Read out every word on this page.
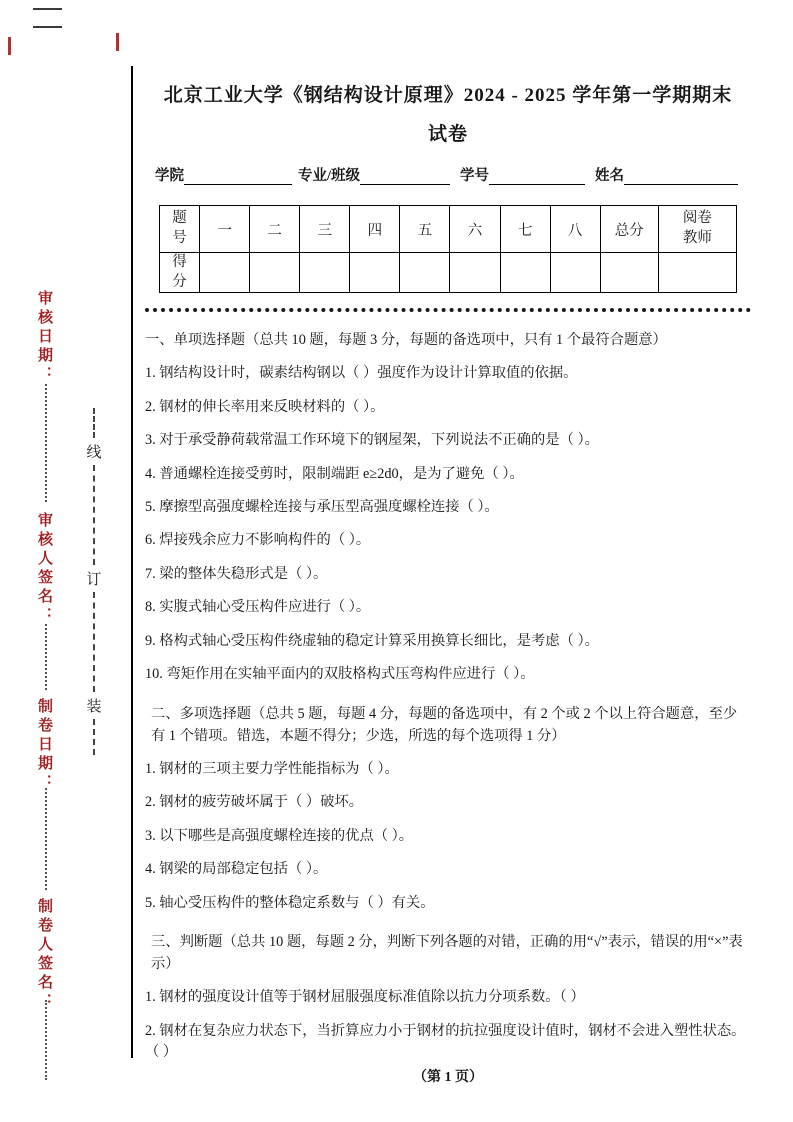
审核日期：
审核人签名：
制卷日期：
制卷人签名：
线
订
装
北京工业大学《钢结构设计原理》2024 - 2025 学年第一学期期末
试卷
学院	专业/班级	学号	姓名
题号	一	二	三	四	五	六	七	八	总分	阅卷教师
得分										
一、单项选择题（总共 10 题，每题 3 分，每题的备选项中，只有 1 个最符合题意）
1. 钢结构设计时，碳素结构钢以（ ）强度作为设计计算取值的依据。
2. 钢材的伸长率用来反映材料的（ ）。
3. 对于承受静荷载常温工作环境下的钢屋架，下列说法不正确的是（ ）。
4. 普通螺栓连接受剪时，限制端距 e≥2d0，是为了避免（ ）。
5. 摩擦型高强度螺栓连接与承压型高强度螺栓连接（ ）。
6. 焊接残余应力不影响构件的（ ）。
7. 梁的整体失稳形式是（ ）。
8. 实腹式轴心受压构件应进行（ ）。
9. 格构式轴心受压构件绕虚轴的稳定计算采用换算长细比，是考虑（ ）。
10. 弯矩作用在实轴平面内的双肢格构式压弯构件应进行（ ）。
二、多项选择题（总共 5 题，每题 4 分，每题的备选项中，有 2 个或 2 个以上符合题意，至少有 1 个错项。错选，本题不得分；少选，所选的每个选项得 1 分）
1. 钢材的三项主要力学性能指标为（ ）。
2. 钢材的疲劳破坏属于（ ）破坏。
3. 以下哪些是高强度螺栓连接的优点（ ）。
4. 钢梁的局部稳定包括（ ）。
5. 轴心受压构件的整体稳定系数与（ ）有关。
三、判断题（总共 10 题，每题 2 分，判断下列各题的对错，正确的用“√”表示，错误的用“×”表示）
1. 钢材的强度设计值等于钢材屈服强度标准值除以抗力分项系数。（ ）
2. 钢材在复杂应力状态下，当折算应力小于钢材的抗拉强度设计值时，钢材不会进入塑性状态。（ ）
（第 1 页）
